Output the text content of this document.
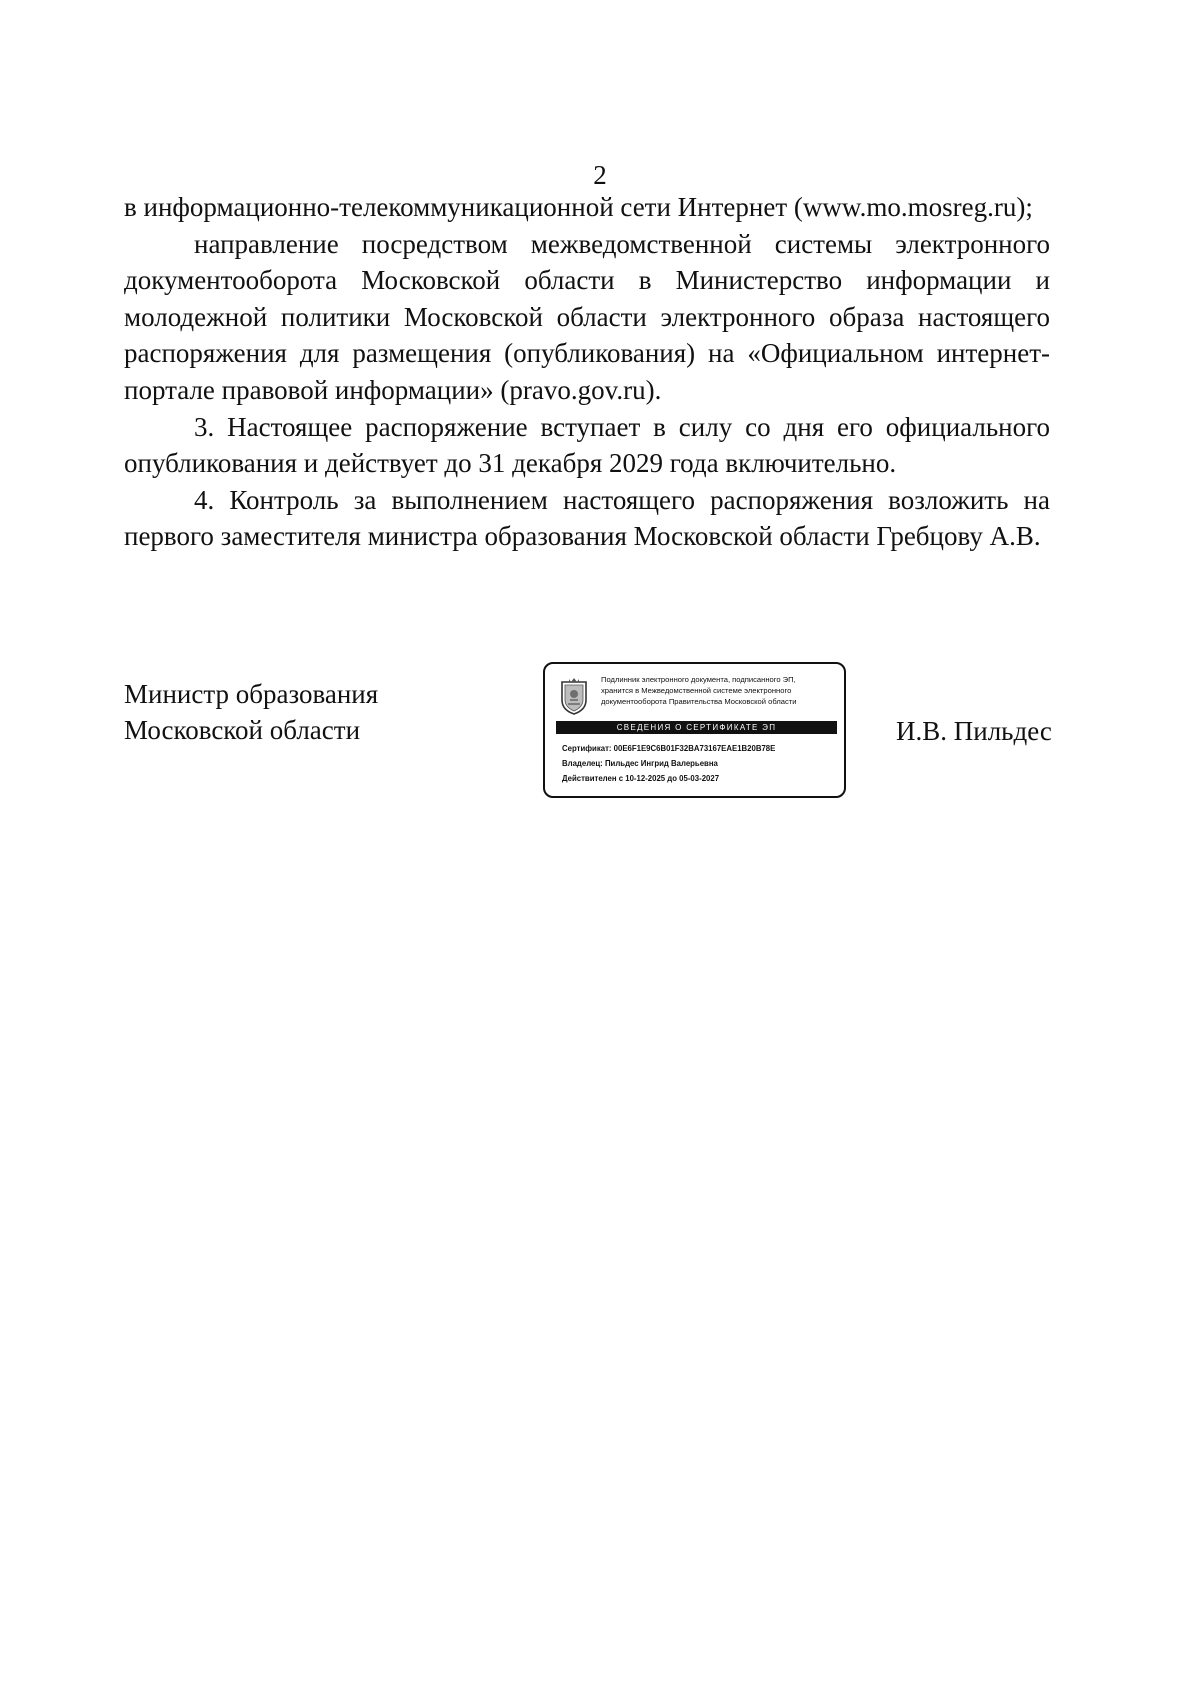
2

в информационно-телекоммуникационной сети Интернет (www.mo.mosreg.ru);

направление посредством межведомственной системы электронного документооборота Московской области в Министерство информации и молодежной политики Московской области электронного образа настоящего распоряжения для размещения (опубликования) на «Официальном интернет-портале правовой информации» (pravo.gov.ru).

3. Настоящее распоряжение вступает в силу со дня его официального опубликования и действует до 31 декабря 2029 года включительно.

4. Контроль за выполнением настоящего распоряжения возложить на первого заместителя министра образования Московской области Гребцову А.В.

Министр образования
Московской области
Подлинник электронного документа, подписанного ЭП,
хранится в Межведомственной системе электронного
документооборота Правительства Московской области
СВЕДЕНИЯ О СЕРТИФИКАТЕ ЭП
Сертификат: 00E6F1E9C6B01F32BA73167EAE1B20B78E
Владелец: Пильдес Ингрид Валерьевна
Действителен с 10-12-2025 до 05-03-2027
И.В. Пильдес
